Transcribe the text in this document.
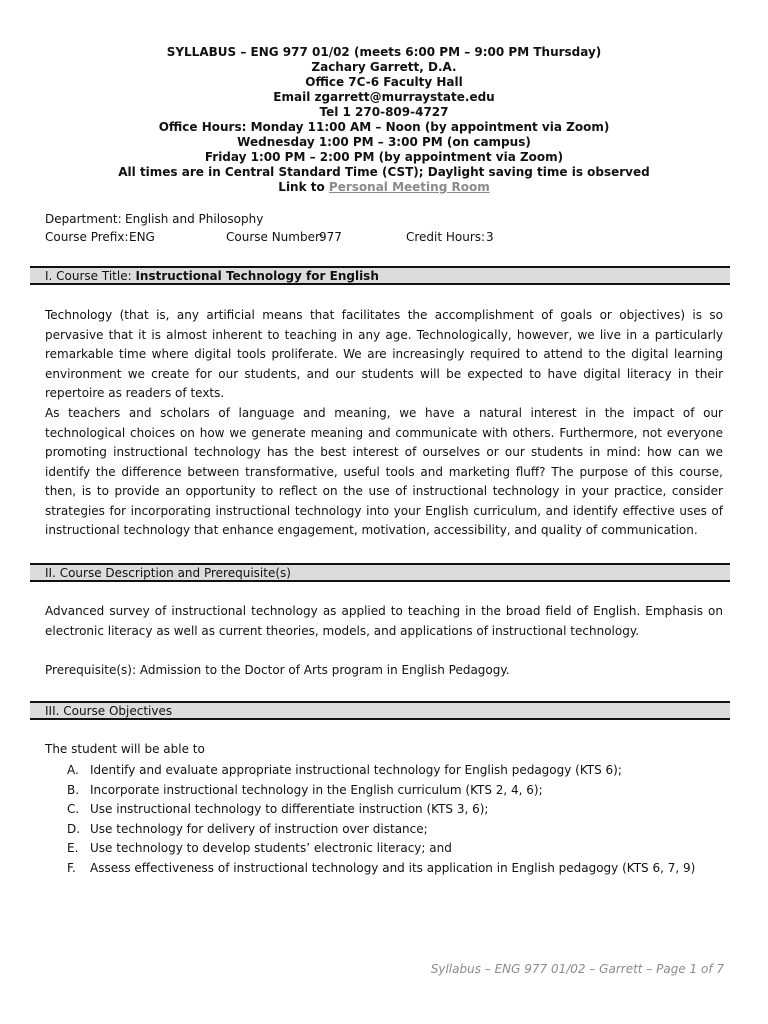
SYLLABUS – ENG 977 01/02 (meets 6:00 PM – 9:00 PM Thursday)
Zachary Garrett, D.A.
Office 7C-6 Faculty Hall
Email zgarrett@murraystate.edu
Tel 1 270-809-4727
Office Hours: Monday 11:00 AM – Noon (by appointment via Zoom)
Wednesday 1:00 PM – 3:00 PM (on campus)
Friday 1:00 PM – 2:00 PM (by appointment via Zoom)
All times are in Central Standard Time (CST); Daylight saving time is observed
Link to Personal Meeting Room
Department: English and Philosophy
Course Prefix: ENG	Course Number:
977	Credit Hours: 3
I. Course Title: Instructional Technology for English
Technology (that is, any artificial means that facilitates the accomplishment of goals or objectives) is so pervasive that it is almost inherent to teaching in any age. Technologically, however, we live in a particularly remarkable time where digital tools proliferate. We are increasingly required to attend to the digital learning environment we create for our students, and our students will be expected to have digital literacy in their repertoire as readers of texts.
As teachers and scholars of language and meaning, we have a natural interest in the impact of our technological choices on how we generate meaning and communicate with others. Furthermore, not everyone promoting instructional technology has the best interest of ourselves or our students in mind: how can we identify the difference between transformative, useful tools and marketing fluff? The purpose of this course, then, is to provide an opportunity to reflect on the use of instructional technology in your practice, consider strategies for incorporating instructional technology into your English curriculum, and identify effective uses of instructional technology that enhance engagement, motivation, accessibility, and quality of communication.
II. Course Description and Prerequisite(s)
Advanced survey of instructional technology as applied to teaching in the broad field of English. Emphasis on electronic literacy as well as current theories, models, and applications of instructional technology.
Prerequisite(s): Admission to the Doctor of Arts program in English Pedagogy.
III. Course Objectives
The student will be able to
A. Identify and evaluate appropriate instructional technology for English pedagogy (KTS 6);
B. Incorporate instructional technology in the English curriculum (KTS 2, 4, 6);
C. Use instructional technology to differentiate instruction (KTS 3, 6);
D. Use technology for delivery of instruction over distance;
E. Use technology to develop students’ electronic literacy; and
F. Assess effectiveness of instructional technology and its application in English pedagogy (KTS 6, 7, 9)
Syllabus – ENG 977 01/02 – Garrett – Page 1 of 7
